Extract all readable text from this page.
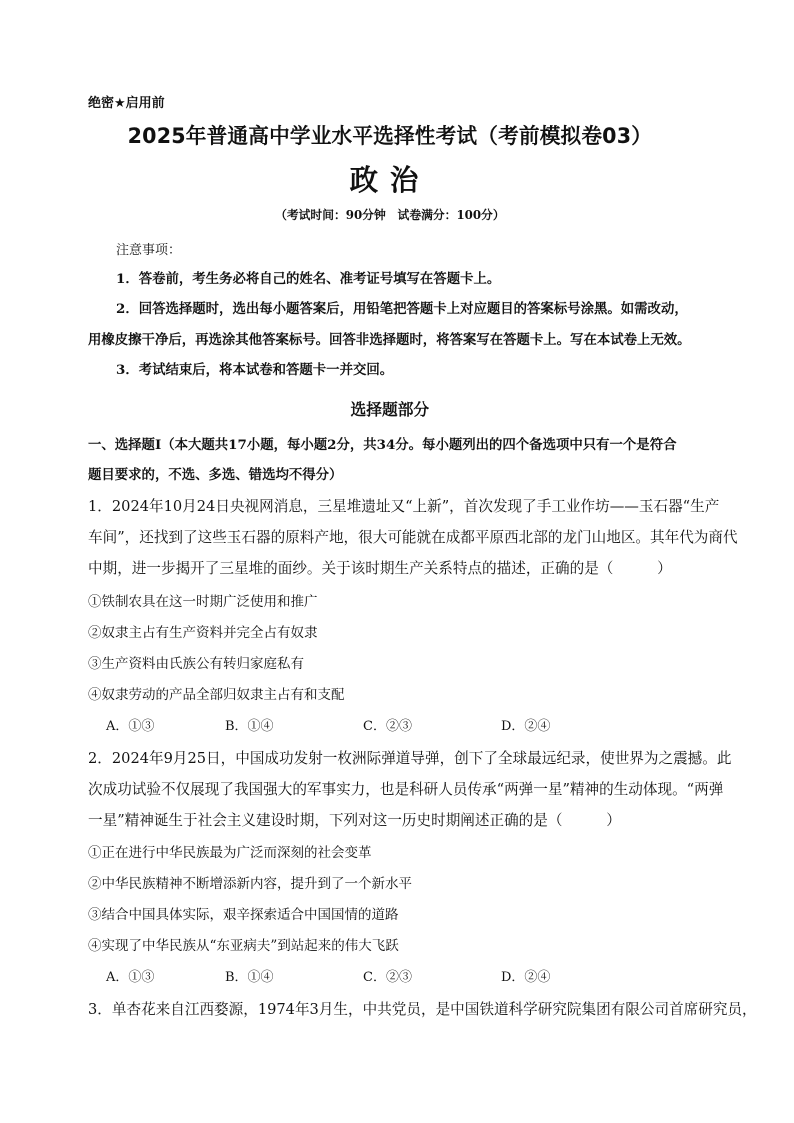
绝密★启用前
2025年普通高中学业水平选择性考试（考前模拟卷03）
政治
（考试时间：90分钟　试卷满分：100分）
注意事项：
1．答卷前，考生务必将自己的姓名、准考证号填写在答题卡上。
2．回答选择题时，选出每小题答案后，用铅笔把答题卡上对应题目的答案标号涂黑。如需改动，
用橡皮擦干净后，再选涂其他答案标号。回答非选择题时，将答案写在答题卡上。写在本试卷上无效。
3．考试结束后，将本试卷和答题卡一并交回。
选择题部分
一、选择题Ⅰ（本大题共17小题，每小题2分，共34分。每小题列出的四个备选项中只有一个是符合
题目要求的，不选、多选、错选均不得分）
1．2024年10月24日央视网消息，三星堆遗址又“上新”，首次发现了手工业作坊——玉石器“生产
车间”，还找到了这些玉石器的原料产地，很大可能就在成都平原西北部的龙门山地区。其年代为商代
中期，进一步揭开了三星堆的面纱。关于该时期生产关系特点的描述，正确的是（　　　）
①铁制农具在这一时期广泛使用和推广
②奴隶主占有生产资料并完全占有奴隶
③生产资料由氏族公有转归家庭私有
④奴隶劳动的产品全部归奴隶主占有和支配
A．①③	B．①④	C．②③	D．②④
2．2024年9月25日，中国成功发射一枚洲际弹道导弹，创下了全球最远纪录，使世界为之震撼。此
次成功试验不仅展现了我国强大的军事实力，也是科研人员传承“两弹一星”精神的生动体现。“两弹
一星”精神诞生于社会主义建设时期，下列对这一历史时期阐述正确的是（　　　）
①正在进行中华民族最为广泛而深刻的社会变革
②中华民族精神不断增添新内容，提升到了一个新水平
③结合中国具体实际，艰辛探索适合中国国情的道路
④实现了中华民族从“东亚病夫”到站起来的伟大飞跃
A．①③	B．①④	C．②③	D．②④
3．单杏花来自江西婺源，1974年3月生，中共党员，是中国铁道科学研究院集团有限公司首席研究员，
